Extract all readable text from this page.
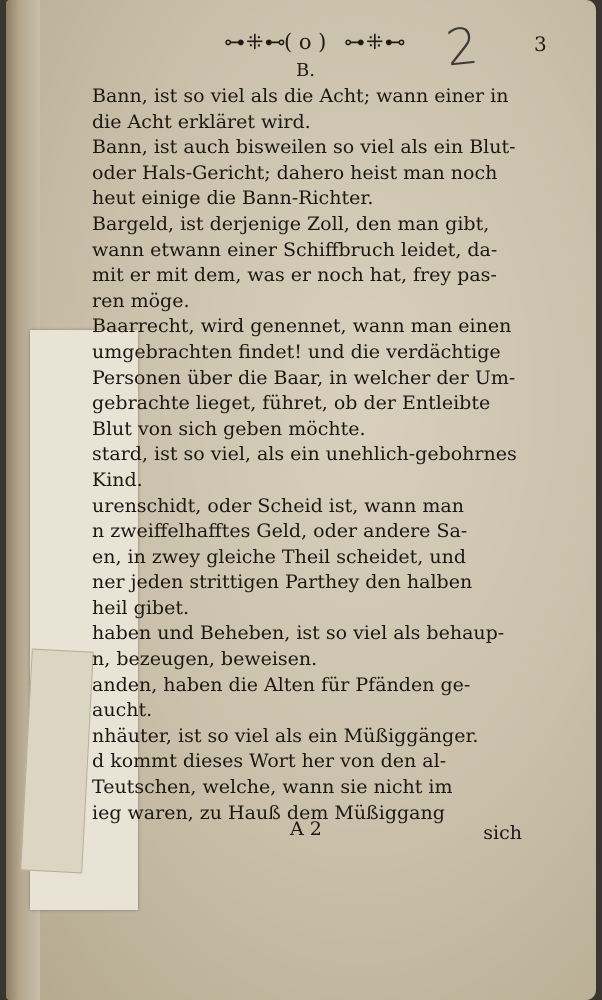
⊶⁜⊷
( o ) ⊶⁜⊷	3
2
B.
Bann, ist so viel als die Acht; wann einer in
die Acht erkläret wird.
Bann, ist auch bisweilen so viel als ein Blut-
oder Hals-Gericht; dahero heist man noch
heut einige die Bann-Richter.
Bargeld, ist derjenige Zoll, den man gibt,
wann etwann einer Schiffbruch leidet, da-
mit er mit dem, was er noch hat, frey pas-
ren möge.
Baarrecht, wird genennet, wann man einen
umgebrachten findet! und die verdächtige
Personen über die Baar, in welcher der Um-
gebrachte lieget, führet, ob der Entleibte
Blut von sich geben möchte.
stard, ist so viel, als ein unehlich-gebohrnes
Kind.
urenschidt, oder Scheid ist, wann man
n zweiffelhafftes Geld, oder andere Sa-
en, in zwey gleiche Theil scheidet, und
ner jeden strittigen Parthey den halben
heil gibet.
haben und Beheben, ist so viel als behaup-
n, bezeugen, beweisen.
anden, haben die Alten für Pfänden ge-
aucht.
nhäuter, ist so viel als ein Müßiggänger.
d kommt dieses Wort her von den al-
Teutschen, welche, wann sie nicht im
ieg waren, zu Hauß dem Müßiggang
A 2	sich
